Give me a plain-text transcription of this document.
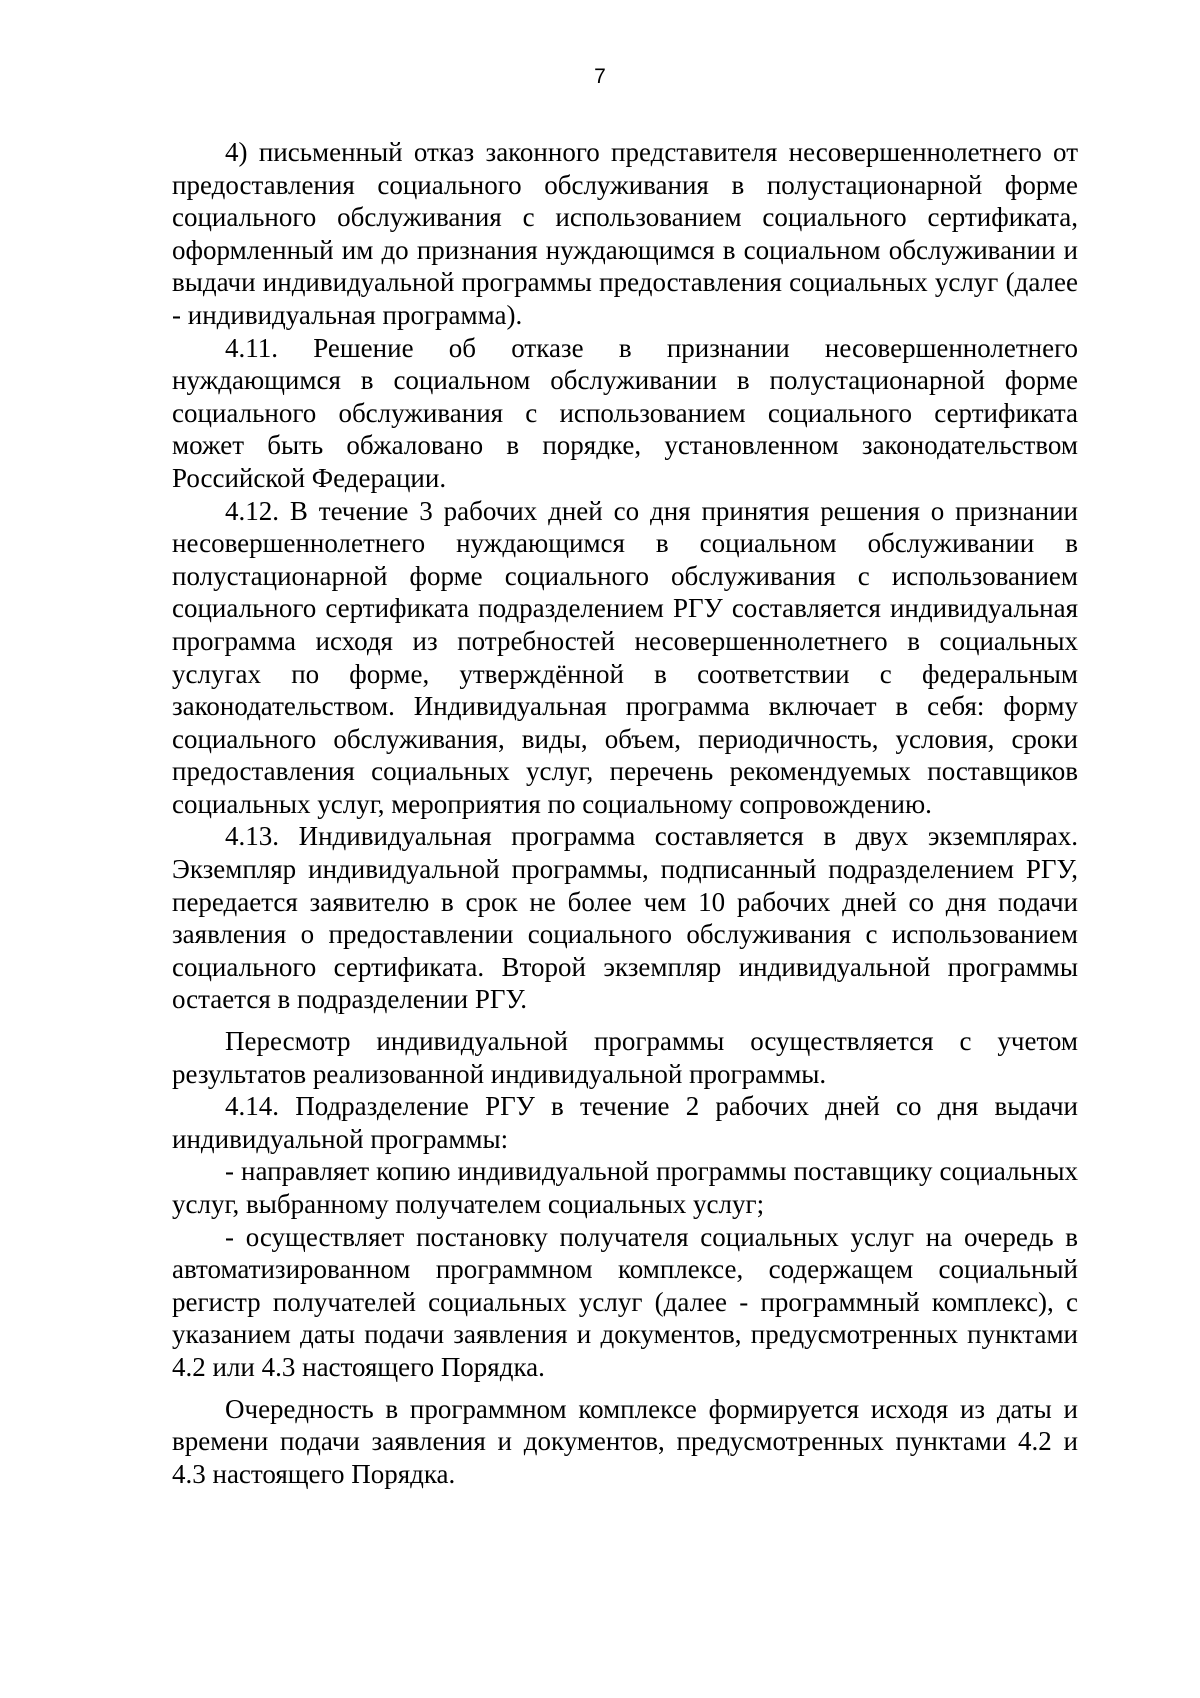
7

4) письменный отказ законного представителя несовершеннолетнего от предоставления социального обслуживания в полустационарной форме социального обслуживания с использованием социального сертификата, оформленный им до признания нуждающимся в социальном обслуживании и выдачи индивидуальной программы предоставления социальных услуг (далее - индивидуальная программа).

4.11. Решение об отказе в признании несовершеннолетнего нуждающимся в социальном обслуживании в полустационарной форме социального обслуживания с использованием социального сертификата может быть обжаловано в порядке, установленном законодательством Российской Федерации.

4.12. В течение 3 рабочих дней со дня принятия решения о признании несовершеннолетнего нуждающимся в социальном обслуживании в полустационарной форме социального обслуживания с использованием социального сертификата подразделением РГУ составляется индивидуальная программа исходя из потребностей несовершеннолетнего в социальных услугах по форме, утверждённой в соответствии с федеральным законодательством. Индивидуальная программа включает в себя: форму социального обслуживания, виды, объем, периодичность, условия, сроки предоставления социальных услуг, перечень рекомендуемых поставщиков социальных услуг, мероприятия по социальному сопровождению.

4.13. Индивидуальная программа составляется в двух экземплярах. Экземпляр индивидуальной программы, подписанный подразделением РГУ, передается заявителю в срок не более чем 10 рабочих дней со дня подачи заявления о предоставлении социального обслуживания с использованием социального сертификата. Второй экземпляр индивидуальной программы остается в подразделении РГУ.

Пересмотр индивидуальной программы осуществляется с учетом результатов реализованной индивидуальной программы.

4.14. Подразделение РГУ в течение 2 рабочих дней со дня выдачи индивидуальной программы:

- направляет копию индивидуальной программы поставщику социальных услуг, выбранному получателем социальных услуг;

- осуществляет постановку получателя социальных услуг на очередь в автоматизированном программном комплексе, содержащем социальный регистр получателей социальных услуг (далее - программный комплекс), с указанием даты подачи заявления и документов, предусмотренных пунктами 4.2 или 4.3 настоящего Порядка.

Очередность в программном комплексе формируется исходя из даты и времени подачи заявления и документов, предусмотренных пунктами 4.2 и 4.3 настоящего Порядка.
